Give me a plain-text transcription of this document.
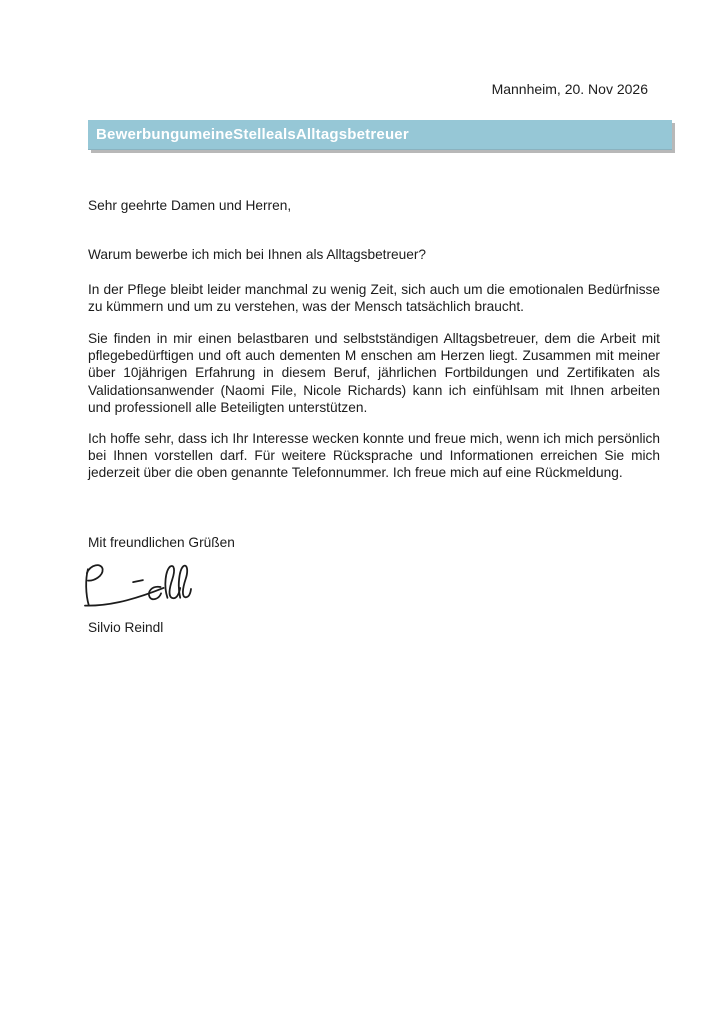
Mannheim, 20. Nov 2026
BewerbungumeineStellealsAlltagsbetreuer
Sehr geehrte Damen und Herren,
Warum bewerbe ich mich bei Ihnen als Alltagsbetreuer?
In der Pflege bleibt leider manchmal zu wenig Zeit, sich auch um die emotionalen Bedürfnisse zu kümmern und um zu verstehen, was der Mensch tatsächlich braucht.
Sie finden in mir einen belastbaren und selbstständigen Alltagsbetreuer, dem die Arbeit mit pflegebedürftigen und oft auch dementen M enschen am Herzen liegt. Zusammen mit meiner über 10jährigen Erfahrung in diesem Beruf, jährlichen Fortbildungen und Zertifikaten als Validationsanwender (Naomi File, Nicole Richards) kann ich einfühlsam mit Ihnen arbeiten und professionell alle Beteiligten unterstützen.
Ich hoffe sehr, dass ich Ihr Interesse wecken konnte und freue mich, wenn ich mich persönlich bei Ihnen vorstellen darf. Für weitere Rücksprache und Informationen erreichen Sie mich jederzeit über die oben genannte Telefonnummer. Ich freue mich auf eine Rückmeldung.
Mit freundlichen Grüßen
Silvio Reindl
